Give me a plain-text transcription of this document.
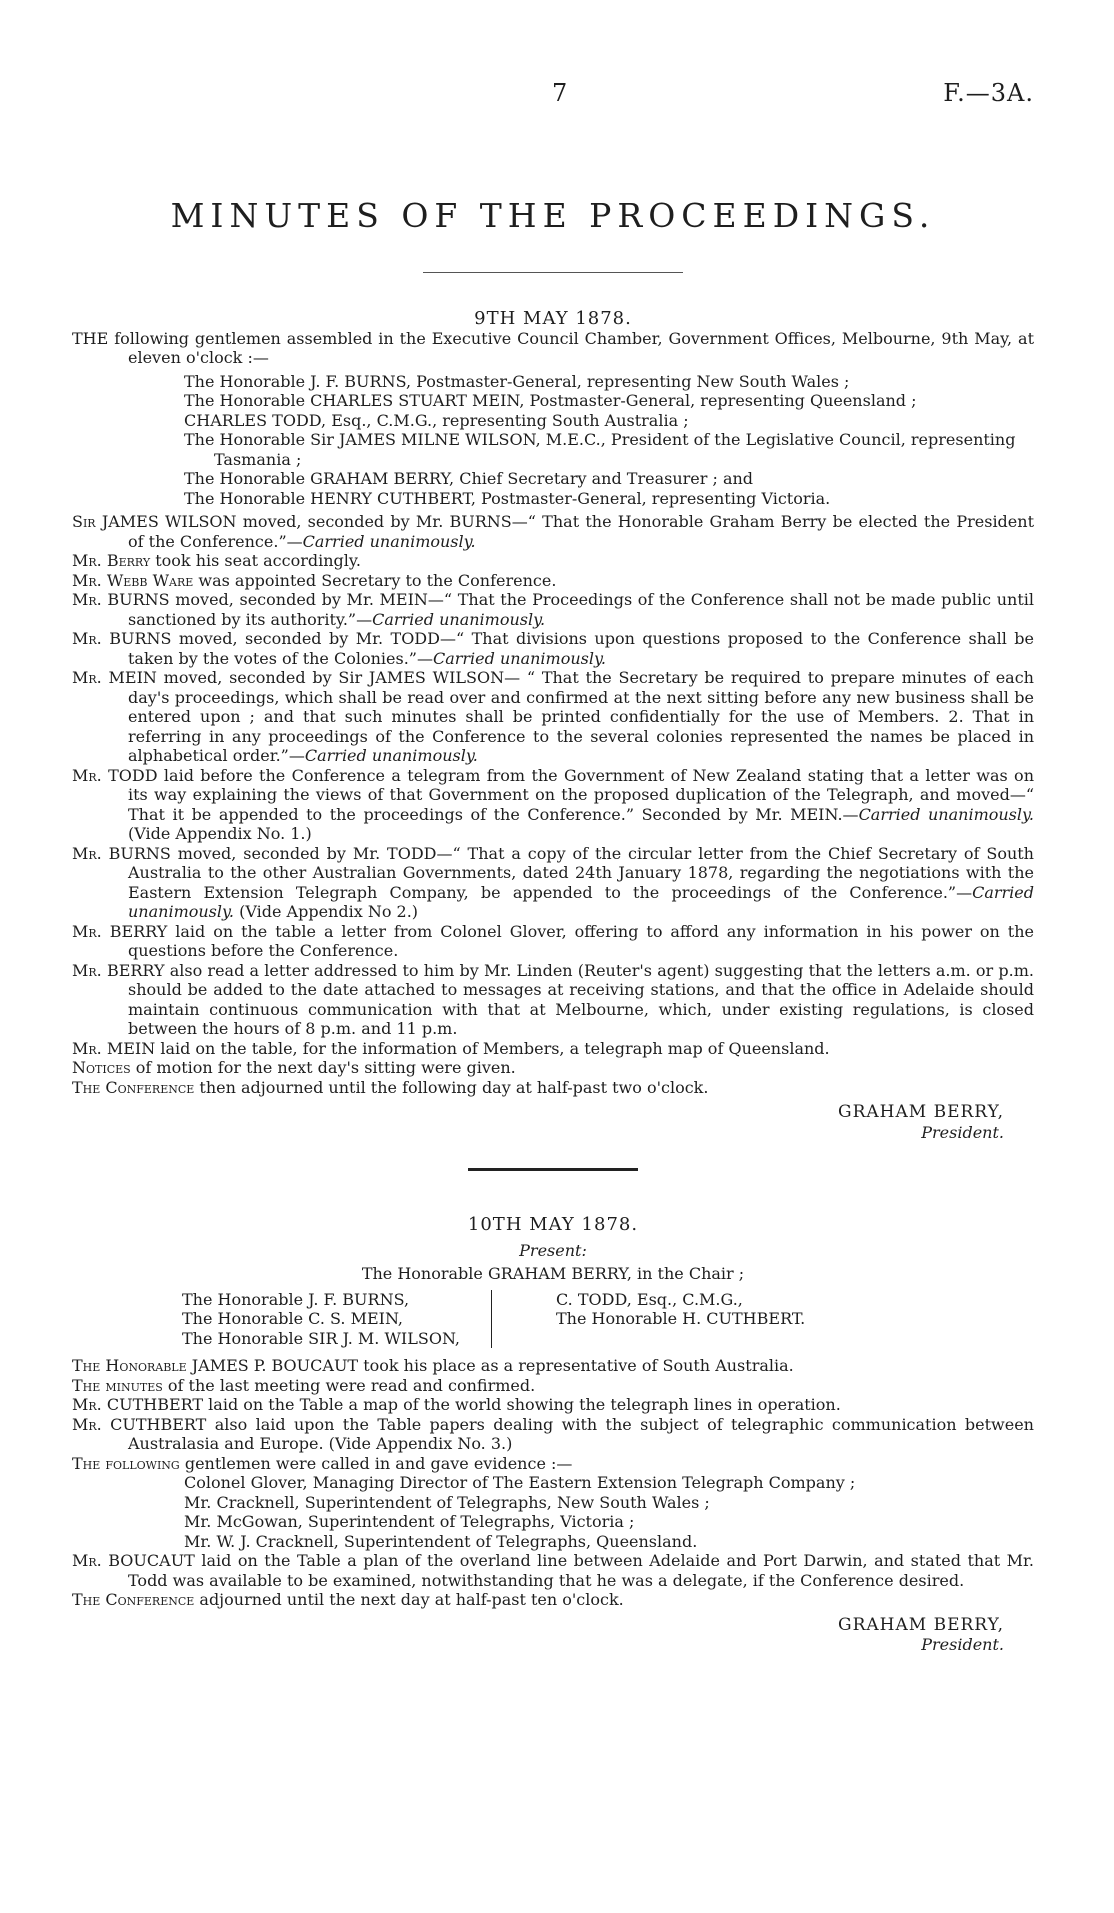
7	F.—3A.
MINUTES OF THE PROCEEDINGS.
9TH MAY 1878.

THE following gentlemen assembled in the Executive Council Chamber, Government Offices, Melbourne, 9th May, at eleven o'clock :—

The Honorable J. F. BURNS, Postmaster-General, representing New South Wales ;
The Honorable CHARLES STUART MEIN, Postmaster-General, representing Queensland ;
CHARLES TODD, Esq., C.M.G., representing South Australia ;
The Honorable Sir JAMES MILNE WILSON, M.E.C., President of the Legislative Council, representing Tasmania ;
The Honorable GRAHAM BERRY, Chief Secretary and Treasurer ; and
The Honorable HENRY CUTHBERT, Postmaster-General, representing Victoria.

Sir JAMES WILSON moved, seconded by Mr. BURNS—“ That the Honorable Graham Berry be elected the President of the Conference.”—Carried unanimously.

Mr. Berry took his seat accordingly.

Mr. Webb Ware was appointed Secretary to the Conference.

Mr. BURNS moved, seconded by Mr. MEIN—“ That the Proceedings of the Conference shall not be made public until sanctioned by its authority.”—Carried unanimously.

Mr. BURNS moved, seconded by Mr. TODD—“ That divisions upon questions proposed to the Conference shall be taken by the votes of the Colonies.”—Carried unanimously.

Mr. MEIN moved, seconded by Sir JAMES WILSON— “ That the Secretary be required to prepare minutes of each day's proceedings, which shall be read over and confirmed at the next sitting before any new business shall be entered upon ; and that such minutes shall be printed confidentially for the use of Members. 2. That in referring in any proceedings of the Conference to the several colonies represented the names be placed in alphabetical order.”—Carried unanimously.

Mr. TODD laid before the Conference a telegram from the Government of New Zealand stating that a letter was on its way explaining the views of that Government on the proposed duplication of the Telegraph, and moved—“ That it be appended to the proceedings of the Conference.” Seconded by Mr. MEIN.—Carried unanimously. (Vide Appendix No. 1.)

Mr. BURNS moved, seconded by Mr. TODD—“ That a copy of the circular letter from the Chief Secretary of South Australia to the other Australian Governments, dated 24th January 1878, regarding the negotiations with the Eastern Extension Telegraph Company, be appended to the proceedings of the Conference.”—Carried unanimously. (Vide Appendix No 2.)

Mr. BERRY laid on the table a letter from Colonel Glover, offering to afford any information in his power on the questions before the Conference.

Mr. BERRY also read a letter addressed to him by Mr. Linden (Reuter's agent) suggesting that the letters a.m. or p.m. should be added to the date attached to messages at receiving stations, and that the office in Adelaide should maintain continuous communication with that at Melbourne, which, under existing regulations, is closed between the hours of 8 p.m. and 11 p.m.

Mr. MEIN laid on the table, for the information of Members, a telegraph map of Queensland.

Notices of motion for the next day's sitting were given.

The Conference then adjourned until the following day at half-past two o'clock.

GRAHAM BERRY,
President.
10TH MAY 1878.
Present:
The Honorable GRAHAM BERRY, in the Chair ;
The Honorable J. F. BURNS,
The Honorable C. S. MEIN,
The Honorable SIR J. M. WILSON,
C. TODD, Esq., C.M.G.,
The Honorable H. CUTHBERT.

The Honorable JAMES P. BOUCAUT took his place as a representative of South Australia.

The minutes of the last meeting were read and confirmed.

Mr. CUTHBERT laid on the Table a map of the world showing the telegraph lines in operation.

Mr. CUTHBERT also laid upon the Table papers dealing with the subject of telegraphic communication between Australasia and Europe. (Vide Appendix No. 3.)

The following gentlemen were called in and gave evidence :—

Colonel Glover, Managing Director of The Eastern Extension Telegraph Company ;
Mr. Cracknell, Superintendent of Telegraphs, New South Wales ;
Mr. McGowan, Superintendent of Telegraphs, Victoria ;
Mr. W. J. Cracknell, Superintendent of Telegraphs, Queensland.

Mr. BOUCAUT laid on the Table a plan of the overland line between Adelaide and Port Darwin, and stated that Mr. Todd was available to be examined, notwithstanding that he was a delegate, if the Conference desired.

The Conference adjourned until the next day at half-past ten o'clock.

GRAHAM BERRY,
President.
